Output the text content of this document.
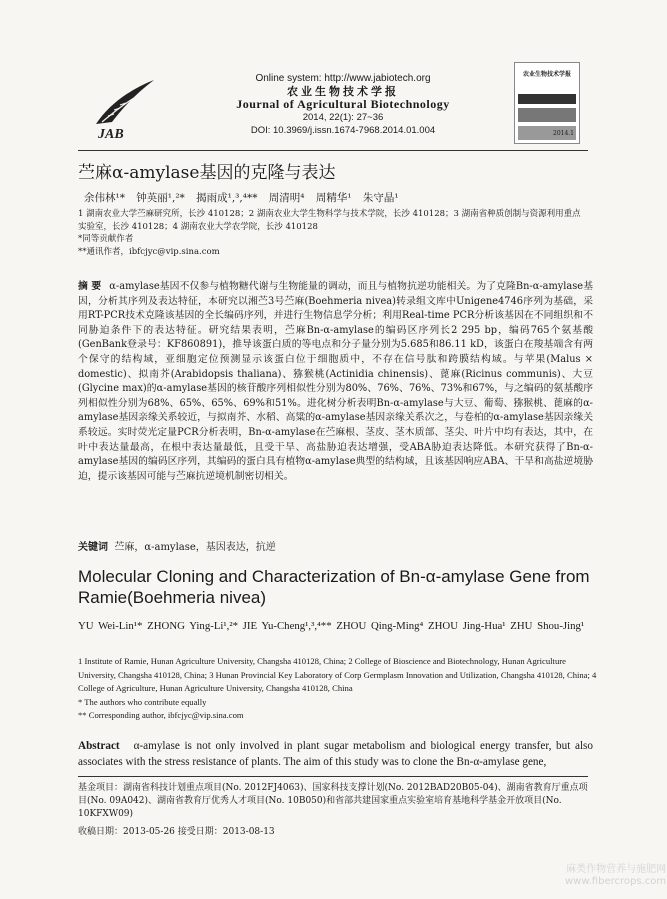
JAB
Online system: http://www.jabiotech.org
农业生物技术学报
Journal of Agricultural Biotechnology
2014, 22(1): 27~36
DOI: 10.3969/j.issn.1674-7968.2014.01.004
农业生物技术学报
2014.1
苎麻α-amylase基因的克隆与表达
余伟林¹* 钟英丽¹,²* 揭雨成¹,³,⁴** 周清明⁴ 周精华¹ 朱守晶¹

1 湖南农业大学苎麻研究所，长沙 410128；2 湖南农业大学生物科学与技术学院，长沙 410128；3 湖南省种质创制与资源利用重点实验室，长沙 410128；4 湖南农业大学农学院，长沙 410128

*同等贡献作者

**通讯作者，ibfcjyc@vip.sina.com

摘 要 α-amylase基因不仅参与植物糖代谢与生物能量的调动，而且与植物抗逆功能相关。为了克隆Bn-α-amylase基因，分析其序列及表达特征，本研究以湘苎3号苎麻(Boehmeria nivea)转录组文库中Unigene4746序列为基础，采用RT-PCR技术克隆该基因的全长编码序列，并进行生物信息学分析；利用Real-time PCR分析该基因在不同组织和不同胁迫条件下的表达特征。研究结果表明，苎麻Bn-α-amylase的编码区序列长2 295 bp，编码765个氨基酸(GenBank登录号：KF860891)，推导该蛋白质的等电点和分子量分别为5.685和86.11 kD，该蛋白在羧基端含有两个保守的结构域，亚细胞定位预测显示该蛋白位于细胞质中，不存在信号肽和跨膜结构域。与苹果(Malus × domestic)、拟南芥(Arabidopsis thaliana)、猕猴桃(Actinidia chinensis)、蓖麻(Ricinus communis)、大豆(Glycine max)的α-amylase基因的核苷酸序列相似性分别为80%、76%、76%、73%和67%，与之编码的氨基酸序列相似性分别为68%、65%、65%、69%和51%。进化树分析表明Bn-α-amylase与大豆、葡萄、猕猴桃、蓖麻的α-amylase基因亲缘关系较近，与拟南芥、水稻、高粱的α-amylase基因亲缘关系次之，与卷柏的α-amylase基因亲缘关系较远。实时荧光定量PCR分析表明，Bn-α-amylase在苎麻根、茎皮、茎木质部、茎尖、叶片中均有表达，其中，在叶中表达量最高，在根中表达量最低，且受干旱、高盐胁迫表达增强，受ABA胁迫表达降低。本研究获得了Bn-α-amylase基因的编码区序列，其编码的蛋白具有植物α-amylase典型的结构域，且该基因响应ABA、干旱和高盐逆境胁迫，提示该基因可能与苎麻抗逆境机制密切相关。
关键词 苎麻，α-amylase，基因表达，抗逆
Molecular Cloning and Characterization of Bn-α-amylase Gene from Ramie(Boehmeria nivea)
YU Wei-Lin¹* ZHONG Ying-Li¹,²* JIE Yu-Cheng¹,³,⁴** ZHOU Qing-Ming⁴ ZHOU Jing-Hua¹ ZHU Shou-Jing¹

1 Institute of Ramie, Hunan Agriculture University, Changsha 410128, China; 2 College of Bioscience and Biotechnology, Hunan Agriculture University, Changsha 410128, China; 3 Hunan Provincial Key Laboratory of Corp Germplasm Innovation and Utilization, Changsha 410128, China; 4 College of Agriculture, Hunan Agriculture University, Changsha 410128, China

* The authors who contribute equally

** Corresponding author, ibfcjyc@vip.sina.com

Abstract α-amylase is not only involved in plant sugar metabolism and biological energy transfer, but also associates with the stress resistance of plants. The aim of this study was to clone the Bn-α-amylase gene,
基金项目：湖南省科技计划重点项目(No. 2012FJ4063)、国家科技支撑计划(No. 2012BAD20B05-04)、湖南省教育厅重点项目(No. 09A042)、湖南省教育厅优秀人才项目(No. 10B050)和省部共建国家重点实验室培育基地科学基金开放项目(No. 10KFXW09)
收稿日期：2013-05-26 接受日期：2013-08-13
麻类作物营养与施肥网
www.fibercrops.com
